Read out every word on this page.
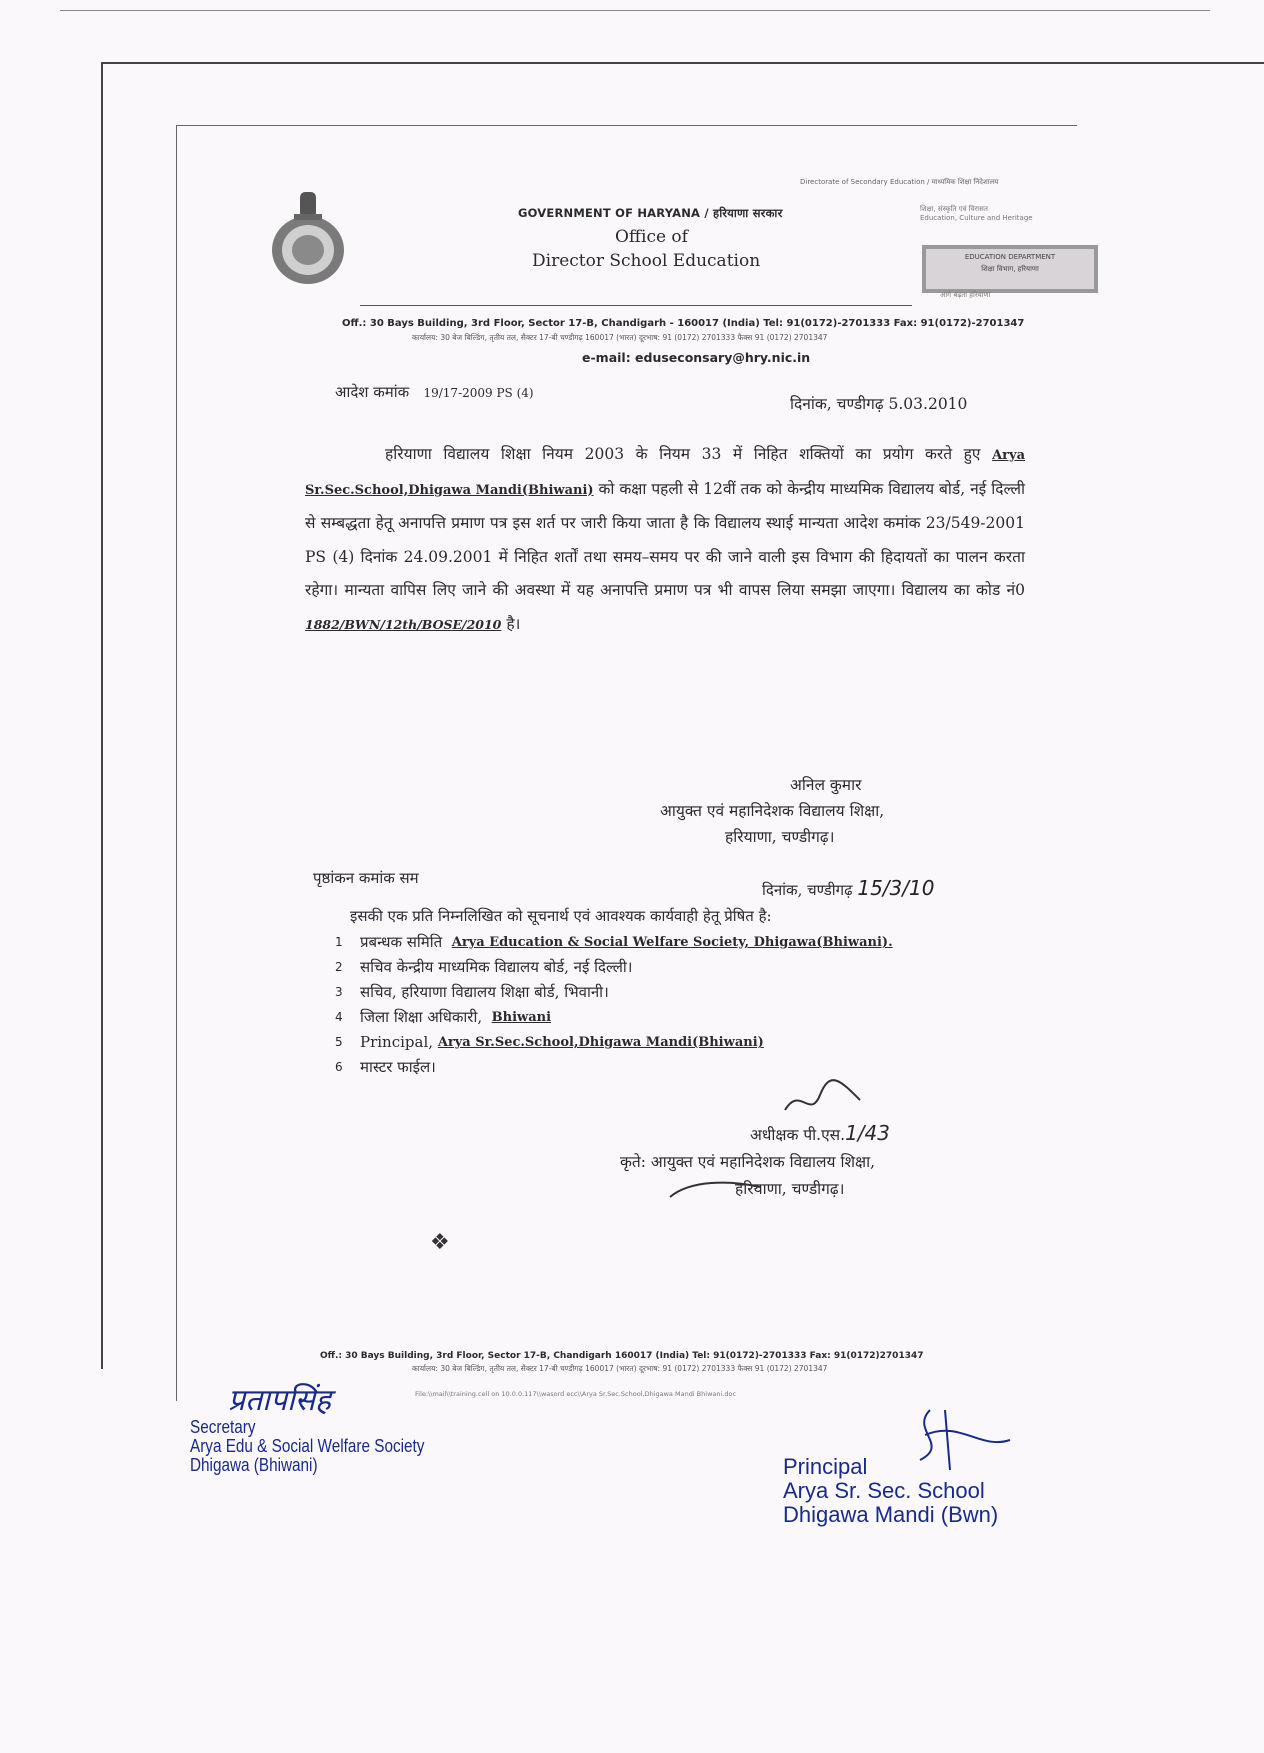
Directorate of Secondary Education / माध्यमिक शिक्षा निदेशालय
GOVERNMENT OF HARYANA / हरियाणा सरकार
Office of
Director School Education
शिक्षा, संस्कृति एवं विरासत
Education, Culture and Heritage
EDUCATION DEPARTMENT
शिक्षा विभाग, हरियाणा
आगे बढ़ता हरियाणा
Off.: 30 Bays Building, 3rd Floor, Sector 17-B, Chandigarh - 160017 (India) Tel: 91(0172)-2701333 Fax: 91(0172)-2701347
कार्यालय: 30 बेज बिल्डिंग, तृतीय तल, सैक्टर 17-बी चण्डीगढ़ 160017 (भारत) दूरभाष: 91 (0172) 2701333 फैक्स 91 (0172) 2701347
e-mail: eduseconsary@hry.nic.in
आदेश कमांक 19/17-2009 PS (4)
दिनांक, चण्डीगढ़ 5.03.2010
हरियाणा विद्यालय शिक्षा नियम 2003 के नियम 33 में निहित शक्तियों का प्रयोग करते हुए Arya Sr.Sec.School,Dhigawa Mandi(Bhiwani) को कक्षा पहली से 12वीं तक को केन्द्रीय माध्यमिक विद्यालय बोर्ड, नई दिल्ली से सम्बद्धता हेतू अनापत्ति प्रमाण पत्र इस शर्त पर जारी किया जाता है कि विद्यालय स्थाई मान्यता आदेश कमांक 23/549-2001 PS (4) दिनांक 24.09.2001 में निहित शर्तों तथा समय–समय पर की जाने वाली इस विभाग की हिदायतों का पालन करता रहेगा। मान्यता वापिस लिए जाने की अवस्था में यह अनापत्ति प्रमाण पत्र भी वापस लिया समझा जाएगा। विद्यालय का कोड नं0 1882/BWN/12th/BOSE/2010 है।
अनिल कुमार
आयुक्त एवं महानिदेशक विद्यालय शिक्षा,
हरियाणा, चण्डीगढ़।
पृष्ठांकन कमांक सम
दिनांक, चण्डीगढ़ 15/3/10
इसकी एक प्रति निम्नलिखित को सूचनार्थ एवं आवश्यक कार्यवाही हेतू प्रेषित है:
1	प्रबन्धक समिति
Arya Education & Social Welfare Society, Dhigawa(Bhiwani).
2	सचिव केन्द्रीय माध्यमिक विद्यालय बोर्ड, नई दिल्ली।
3	सचिव, हरियाणा विद्यालय शिक्षा बोर्ड, भिवानी।
4	जिला शिक्षा अधिकारी,
Bhiwani
5	Principal,
Arya Sr.Sec.School,Dhigawa Mandi(Bhiwani)
6	मास्टर फाईल।
अधीक्षक पी.एस.1/43
कृते: आयुक्त एवं महानिदेशक विद्यालय शिक्षा,
हरियाणा, चण्डीगढ़।
❖
Off.: 30 Bays Building, 3rd Floor, Sector 17-B, Chandigarh 160017 (India) Tel: 91(0172)-2701333 Fax: 91(0172)2701347
कार्यालय: 30 बेज बिल्डिंग, तृतीय तल, सैक्टर 17-बी चण्डीगढ़ 160017 (भारत) दूरभाष: 91 (0172) 2701333 फैक्स 91 (0172) 2701347
File:\\mail\\training.cell on 10.0.0.117\\wasord ecc\\Arya Sr.Sec.School,Dhigawa Mandi Bhiwani.doc
प्रतापसिंह
Secretary
Arya Edu & Social Welfare Society
Dhigawa (Bhiwani)	Principal
Arya Sr. Sec. School
Dhigawa Mandi (Bwn)
